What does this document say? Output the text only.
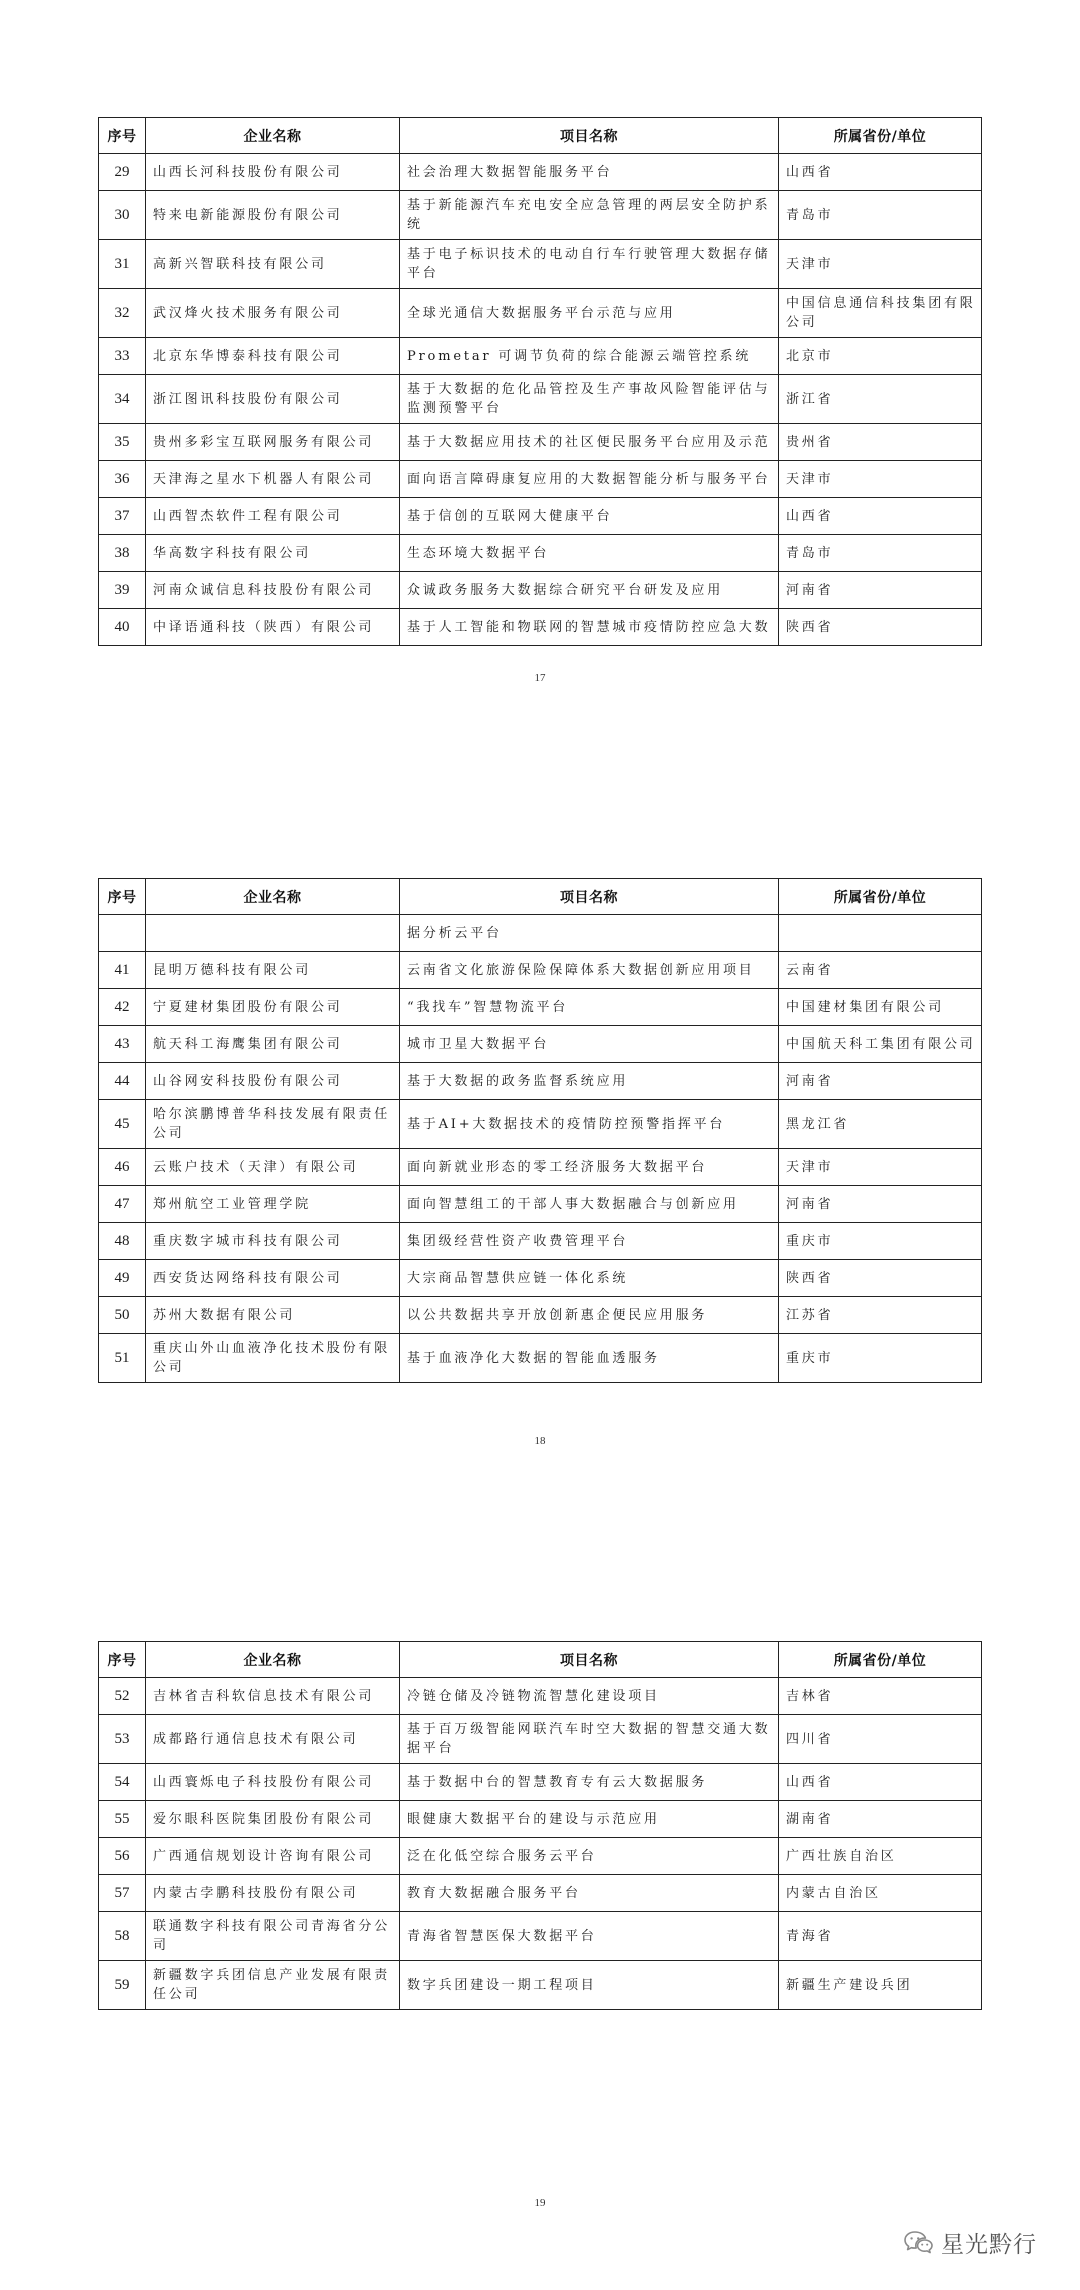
序号	企业名称	项目名称	所属省份/单位
29	山西长河科技股份有限公司	社会治理大数据智能服务平台	山西省
30	特来电新能源股份有限公司	基于新能源汽车充电安全应急管理的两层安全防护系统	青岛市
31	高新兴智联科技有限公司	基于电子标识技术的电动自行车行驶管理大数据存储平台	天津市
32	武汉烽火技术服务有限公司	全球光通信大数据服务平台示范与应用	中国信息通信科技集团有限公司
33	北京东华博泰科技有限公司	Prometar 可调节负荷的综合能源云端管控系统	北京市
34	浙江图讯科技股份有限公司	基于大数据的危化品管控及生产事故风险智能评估与监测预警平台	浙江省
35	贵州多彩宝互联网服务有限公司	基于大数据应用技术的社区便民服务平台应用及示范	贵州省
36	天津海之星水下机器人有限公司	面向语言障碍康复应用的大数据智能分析与服务平台	天津市
37	山西智杰软件工程有限公司	基于信创的互联网大健康平台	山西省
38	华高数字科技有限公司	生态环境大数据平台	青岛市
39	河南众诚信息科技股份有限公司	众诚政务服务大数据综合研究平台研发及应用	河南省
40	中译语通科技（陕西）有限公司	基于人工智能和物联网的智慧城市疫情防控应急大数	陕西省
17
序号	企业名称	项目名称	所属省份/单位
		据分析云平台	
41	昆明万德科技有限公司	云南省文化旅游保险保障体系大数据创新应用项目	云南省
42	宁夏建材集团股份有限公司	“我找车”智慧物流平台	中国建材集团有限公司
43	航天科工海鹰集团有限公司	城市卫星大数据平台	中国航天科工集团有限公司
44	山谷网安科技股份有限公司	基于大数据的政务监督系统应用	河南省
45	哈尔滨鹏博普华科技发展有限责任公司	基于AI+大数据技术的疫情防控预警指挥平台	黑龙江省
46	云账户技术（天津）有限公司	面向新就业形态的零工经济服务大数据平台	天津市
47	郑州航空工业管理学院	面向智慧组工的干部人事大数据融合与创新应用	河南省
48	重庆数字城市科技有限公司	集团级经营性资产收费管理平台	重庆市
49	西安货达网络科技有限公司	大宗商品智慧供应链一体化系统	陕西省
50	苏州大数据有限公司	以公共数据共享开放创新惠企便民应用服务	江苏省
51	重庆山外山血液净化技术股份有限公司	基于血液净化大数据的智能血透服务	重庆市
18
序号	企业名称	项目名称	所属省份/单位
52	吉林省吉科软信息技术有限公司	冷链仓储及冷链物流智慧化建设项目	吉林省
53	成都路行通信息技术有限公司	基于百万级智能网联汽车时空大数据的智慧交通大数据平台	四川省
54	山西寰烁电子科技股份有限公司	基于数据中台的智慧教育专有云大数据服务	山西省
55	爱尔眼科医院集团股份有限公司	眼健康大数据平台的建设与示范应用	湖南省
56	广西通信规划设计咨询有限公司	泛在化低空综合服务云平台	广西壮族自治区
57	内蒙古孛鹏科技股份有限公司	教育大数据融合服务平台	内蒙古自治区
58	联通数字科技有限公司青海省分公司	青海省智慧医保大数据平台	青海省
59	新疆数字兵团信息产业发展有限责任公司	数字兵团建设一期工程项目	新疆生产建设兵团
19
星光黔行
